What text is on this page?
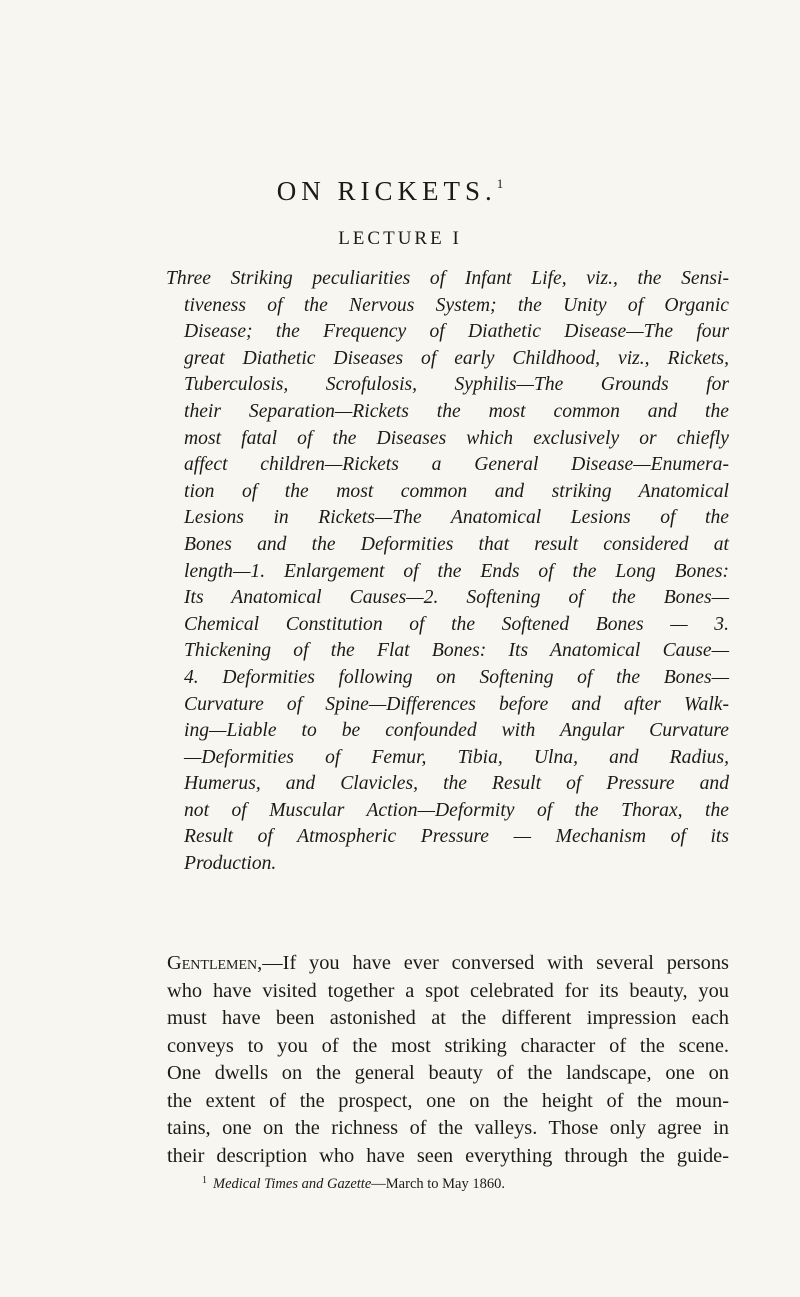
ON RICKETS.$^1$
LECTURE I
Three Striking peculiarities of Infant Life, viz., the Sensi-
tiveness of the Nervous System; the Unity of Organic
Disease; the Frequency of Diathetic Disease—The four
great Diathetic Diseases of early Childhood, viz., Rickets,
Tuberculosis, Scrofulosis, Syphilis—The Grounds for
their Separation—Rickets the most common and the
most fatal of the Diseases which exclusively or chiefly
affect children—Rickets a General Disease—Enumera-
tion of the most common and striking Anatomical
Lesions in Rickets—The Anatomical Lesions of the
Bones and the Deformities that result considered at
length—1. Enlargement of the Ends of the Long Bones:
Its Anatomical Causes—2. Softening of the Bones—
Chemical Constitution of the Softened Bones — 3.
Thickening of the Flat Bones: Its Anatomical Cause—
4. Deformities following on Softening of the Bones—
Curvature of Spine—Differences before and after Walk-
ing—Liable to be confounded with Angular Curvature
—Deformities of Femur, Tibia, Ulna, and Radius,
Humerus, and Clavicles, the Result of Pressure and
not of Muscular Action—Deformity of the Thorax, the
Result of Atmospheric Pressure — Mechanism of its
Production.
Gentlemen,—If you have ever conversed with several persons
who have visited together a spot celebrated for its beauty, you
must have been astonished at the different impression each
conveys to you of the most striking character of the scene.
One dwells on the general beauty of the landscape, one on
the extent of the prospect, one on the height of the moun-
tains, one on the richness of the valleys. Those only agree in
their description who have seen everything through the guide-
$^1$ Medical Times and Gazette—March to May 1860.
